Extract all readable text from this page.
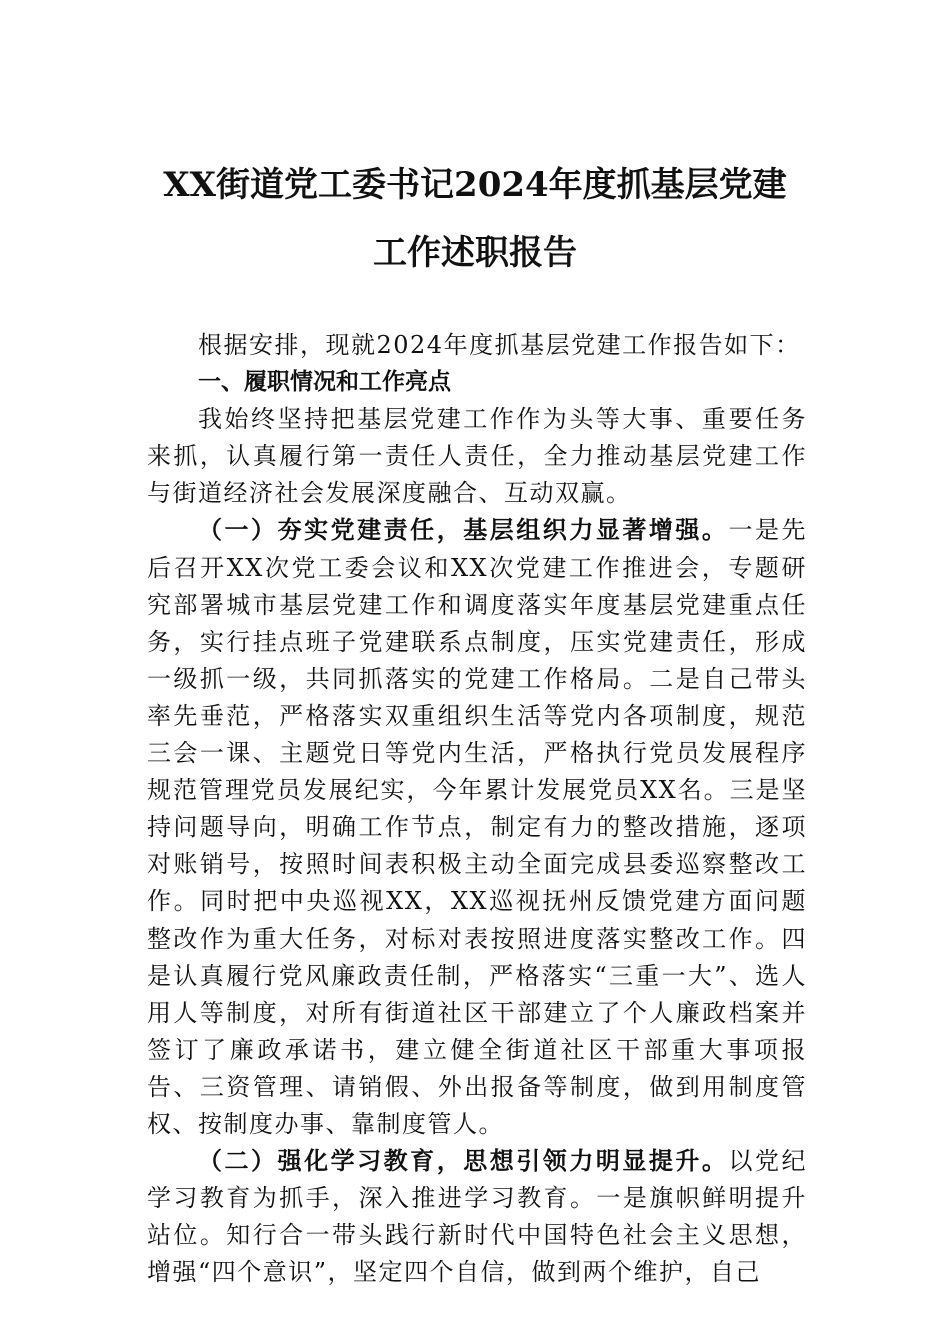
XX街道党工委书记2024年度抓基层党建
工作述职报告

根据安排，现就2024年度抓基层党建工作报告如下：

一、履职情况和工作亮点

我始终坚持把基层党建工作作为头等大事、重要任务来抓，认真履行第一责任人责任，全力推动基层党建工作与街道经济社会发展深度融合、互动双赢。

（一）夯实党建责任，基层组织力显著增强。一是先后召开XX次党工委会议和XX次党建工作推进会，专题研究部署城市基层党建工作和调度落实年度基层党建重点任务，实行挂点班子党建联系点制度，压实党建责任，形成一级抓一级，共同抓落实的党建工作格局。二是自己带头率先垂范，严格落实双重组织生活等党内各项制度，规范三会一课、主题党日等党内生活，严格执行党员发展程序规范管理党员发展纪实，今年累计发展党员XX名。三是坚持问题导向，明确工作节点，制定有力的整改措施，逐项对账销号，按照时间表积极主动全面完成县委巡察整改工作。同时把中央巡视XX，XX巡视抚州反馈党建方面问题整改作为重大任务，对标对表按照进度落实整改工作。四是认真履行党风廉政责任制，严格落实“三重一大”、选人用人等制度，对所有街道社区干部建立了个人廉政档案并签订了廉政承诺书，建立健全街道社区干部重大事项报告、三资管理、请销假、外出报备等制度，做到用制度管权、按制度办事、靠制度管人。

（二）强化学习教育，思想引领力明显提升。以党纪学习教育为抓手，深入推进学习教育。一是旗帜鲜明提升站位。知行合一带头践行新时代中国特色社会主义思想，增强“四个意识”，坚定四个自信，做到两个维护，自己
